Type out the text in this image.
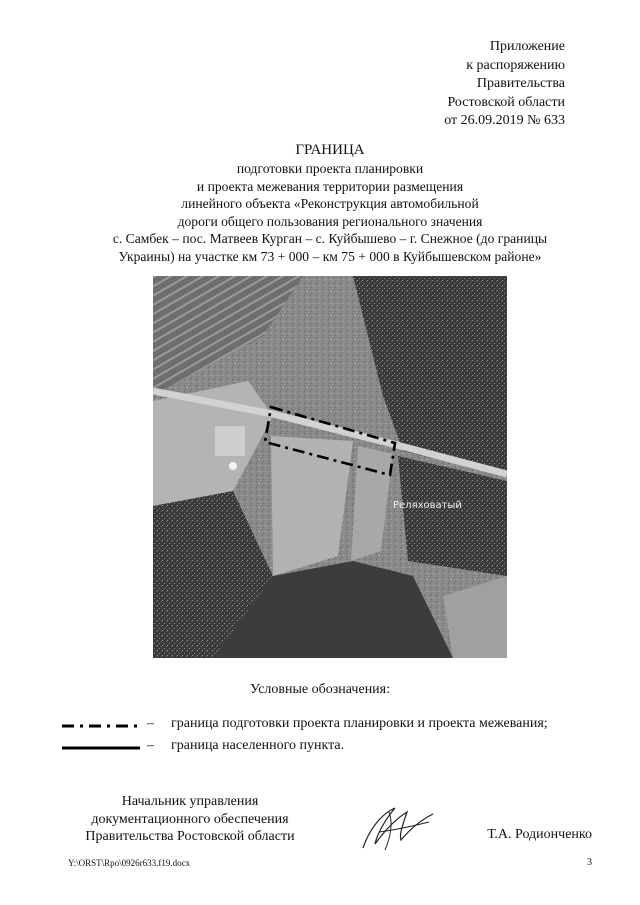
Приложение
к распоряжению
Правительства
Ростовской области
от 26.09.2019 № 633
ГРАНИЦА
подготовки проекта планировки
и проекта межевания территории размещения
линейного объекта «Реконструкция автомобильной
дороги общего пользования регионального значения
с. Самбек – пос. Матвеев Курган – с. Куйбышево – г. Снежное (до границы
Украины) на участке км 73 + 000 – км 75 + 000 в Куйбышевском районе»
Реляховатый
Условные обозначения:
– граница подготовки проекта планировки и проекта межевания;
– граница населенного пункта.
Начальник управления
документационного обеспечения
Правительства Ростовской области	Т.А. Родионченко
Y:\ORST\Rpo\0926r633.f19.docx	3
